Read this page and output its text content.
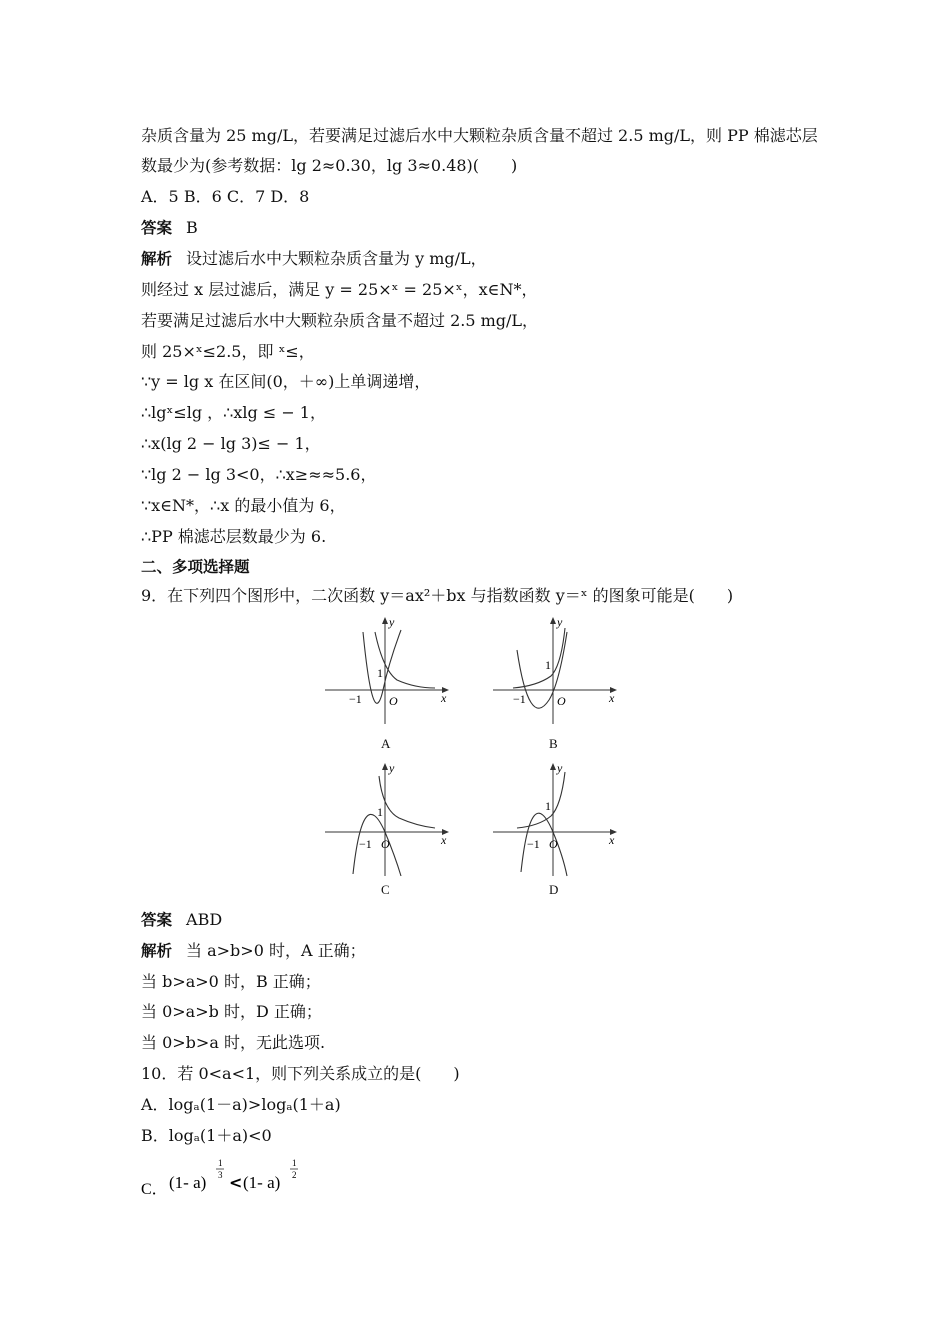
杂质含量为 25 mg/L，若要满足过滤后水中大颗粒杂质含量不超过 2.5 mg/L，则 PP 棉滤芯层
数最少为(参考数据：lg 2≈0.30，lg 3≈0.48)(　　)
A．5 B．6 C．7 D．8
答案 B
解析 设过滤后水中大颗粒杂质含量为 y mg/L，
则经过 x 层过滤后，满足 y = 25×ˣ = 25×ˣ，x∈N*，
若要满足过滤后水中大颗粒杂质含量不超过 2.5 mg/L，
则 25×ˣ≤2.5，即 ˣ≤，
∵y = lg x 在区间(0，＋∞)上单调递增，
∴lgˣ≤lg ，∴xlg ≤ − 1，
∴x(lg 2 − lg 3)≤ − 1，
∵lg 2 − lg 3<0，∴x≥≈≈5.6，
∵x∈N*，∴x 的最小值为 6，
∴PP 棉滤芯层数最少为 6.
二、多项选择题
9．在下列四个图形中，二次函数 y＝ax²＋bx 与指数函数 y＝ˣ 的图象可能是(　　)
y
x
O
1
−1
A
y
x
O
1
−1
B
y
x
O
1
−1
C
y
x
O
1
−1
D
答案 ABD
解析 当 a>b>0 时，A 正确；
当 b>a>0 时，B 正确；
当 0>a>b 时，D 正确；
当 0>b>a 时，无此选项.
10．若 0<a<1，则下列关系成立的是(　　)
A．logₐ(1－a)>logₐ(1＋a)
B．logₐ(1＋a)<0
C． (1- a)
1
3 < (1- a)
1
2
